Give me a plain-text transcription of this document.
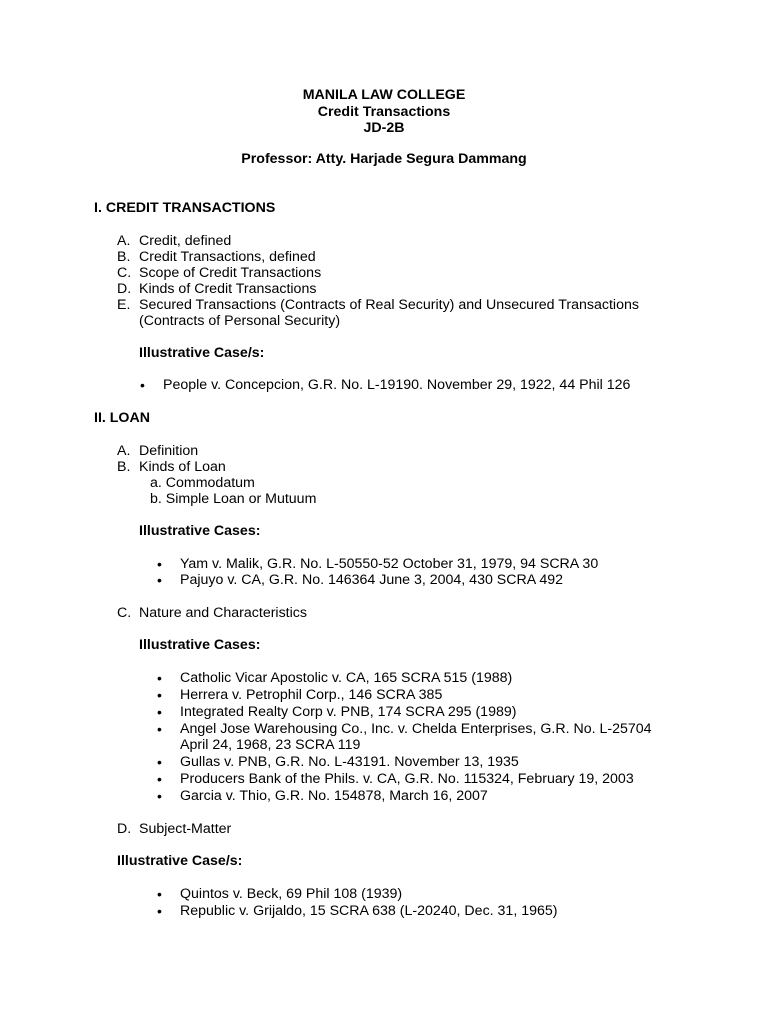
MANILA LAW COLLEGE
Credit Transactions
JD-2B
Professor: Atty. Harjade Segura Dammang
I. CREDIT TRANSACTIONS
A. Credit, defined
B. Credit Transactions, defined
C. Scope of Credit Transactions
D. Kinds of Credit Transactions
E. Secured Transactions (Contracts of Real Security) and Unsecured Transactions
(Contracts of Personal Security)
Illustrative Case/s:
• People v. Concepcion, G.R. No. L-19190. November 29, 1922, 44 Phil 126
II. LOAN
A. Definition
B. Kinds of Loan
a. Commodatum
b. Simple Loan or Mutuum
Illustrative Cases:
• Yam v. Malik, G.R. No. L-50550-52 October 31, 1979, 94 SCRA 30
• Pajuyo v. CA, G.R. No. 146364 June 3, 2004, 430 SCRA 492
C. Nature and Characteristics
Illustrative Cases:
• Catholic Vicar Apostolic v. CA, 165 SCRA 515 (1988)
• Herrera v. Petrophil Corp., 146 SCRA 385
• Integrated Realty Corp v. PNB, 174 SCRA 295 (1989)
• Angel Jose Warehousing Co., Inc. v. Chelda Enterprises, G.R. No. L-25704
April 24, 1968, 23 SCRA 119
• Gullas v. PNB, G.R. No. L-43191. November 13, 1935
• Producers Bank of the Phils. v. CA, G.R. No. 115324, February 19, 2003
• Garcia v. Thio, G.R. No. 154878, March 16, 2007
D. Subject-Matter
Illustrative Case/s:
• Quintos v. Beck, 69 Phil 108 (1939)
• Republic v. Grijaldo, 15 SCRA 638 (L-20240, Dec. 31, 1965)
